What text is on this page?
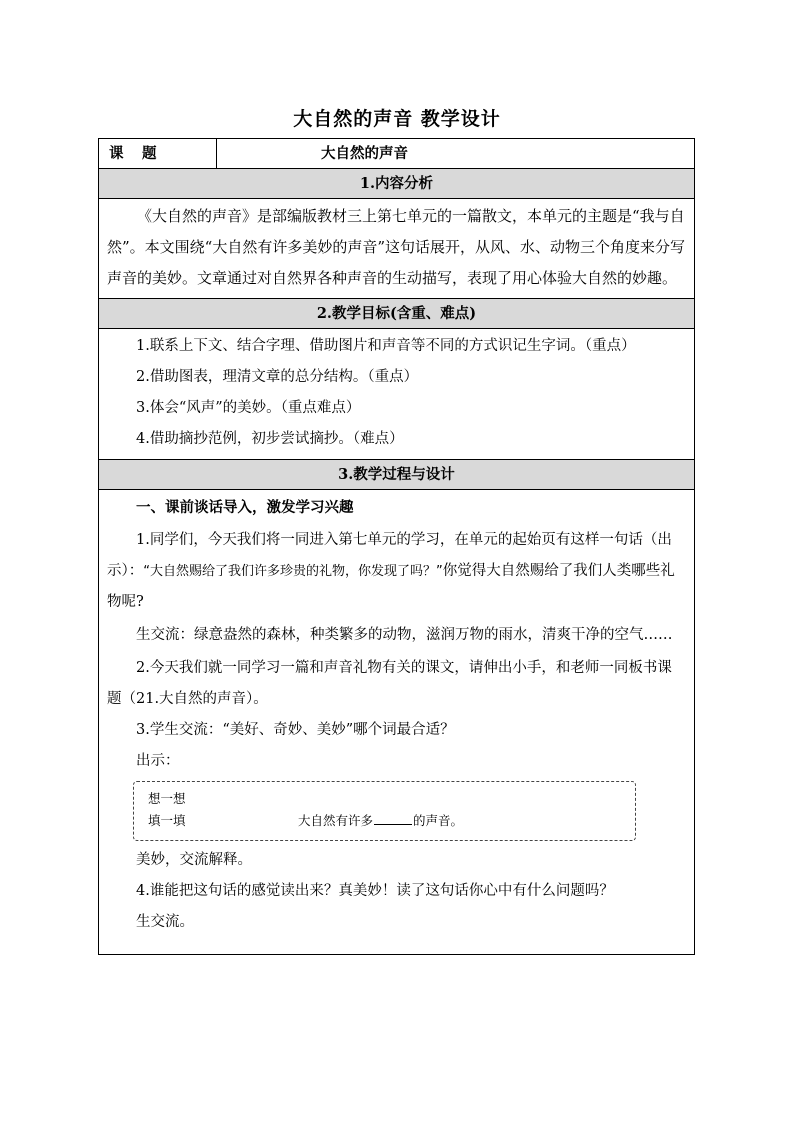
大自然的声音 教学设计
课　题	大自然的声音
1.内容分析

《大自然的声音》是部编版教材三上第七单元的一篇散文，本单元的主题是“我与自然”。本文围绕“大自然有许多美妙的声音”这句话展开，从风、水、动物三个角度来分写声音的美妙。文章通过对自然界各种声音的生动描写，表现了用心体验大自然的妙趣。

2.教学目标(含重、难点)

1.联系上下文、结合字理、借助图片和声音等不同的方式识记生字词。（重点）

2.借助图表，理清文章的总分结构。（重点）

3.体会“风声”的美妙。（重点难点）

4.借助摘抄范例，初步尝试摘抄。（难点）

3.教学过程与设计

一、课前谈话导入，激发学习兴趣

1.同学们，今天我们将一同进入第七单元的学习，在单元的起始页有这样一句话（出示）：“大自然赐给了我们许多珍贵的礼物，你发现了吗？”你觉得大自然赐给了我们人类哪些礼物呢?

生交流：绿意盎然的森林，种类繁多的动物，滋润万物的雨水，清爽干净的空气……

2.今天我们就一同学习一篇和声音礼物有关的课文，请伸出小手，和老师一同板书课题（21.大自然的声音）。

3.学生交流：“美好、奇妙、美妙”哪个词最合适？

出示：

想一想
填一填	大自然有许多	的声音。

美妙，交流解释。

4.谁能把这句话的感觉读出来？真美妙！读了这句话你心中有什么问题吗？

生交流。
